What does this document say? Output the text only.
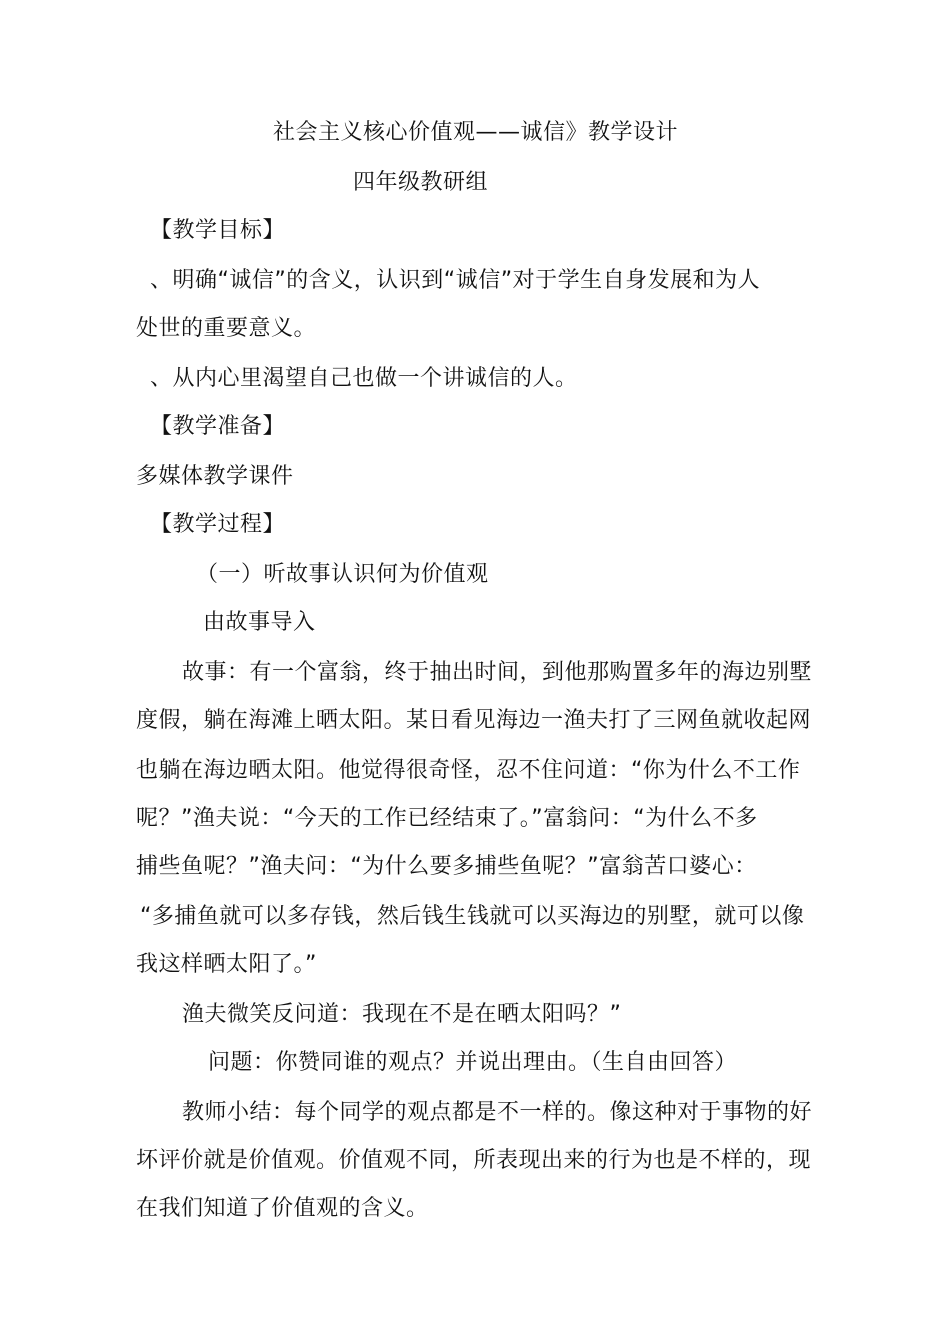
社会主义核心价值观——诚信》教学设计
四年级教研组
【教学目标】
、明确“诚信”的含义，认识到“诚信”对于学生自身发展和为人
处世的重要意义。
、从内心里渴望自己也做一个讲诚信的人。
【教学准备】
多媒体教学课件
【教学过程】
（一）听故事认识何为价值观
由故事导入
故事：有一个富翁，终于抽出时间，到他那购置多年的海边别墅
度假，躺在海滩上晒太阳。某日看见海边一渔夫打了三网鱼就收起网
也躺在海边晒太阳。他觉得很奇怪，忍不住问道：“你为什么不工作
呢？”渔夫说：“今天的工作已经结束了。”富翁问：“为什么不多
捕些鱼呢？”渔夫问：“为什么要多捕些鱼呢？”富翁苦口婆心：
“多捕鱼就可以多存钱，然后钱生钱就可以买海边的别墅，就可以像
我这样晒太阳了。”
渔夫微笑反问道：我现在不是在晒太阳吗？”
问题：你赞同谁的观点？并说出理由。（生自由回答）
教师小结：每个同学的观点都是不一样的。像这种对于事物的好
坏评价就是价值观。价值观不同，所表现出来的行为也是不样的，现
在我们知道了价值观的含义。
